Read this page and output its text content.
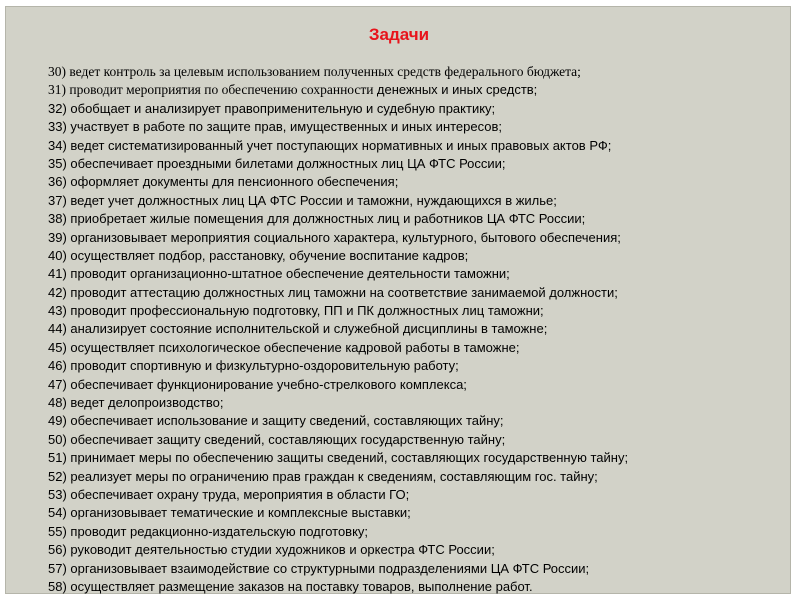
Задачи
30) ведет контроль за целевым использованием полученных средств федерального бюджета;
31) проводит мероприятия по обеспечению сохранности денежных и иных средств;
32) обобщает и анализирует правоприменительную и судебную практику;
33) участвует в работе по защите прав, имущественных и иных интересов;
34) ведет систематизированный учет поступающих нормативных и иных правовых актов РФ;
35) обеспечивает проездными билетами должностных лиц ЦА ФТС России;
36) оформляет документы для пенсионного обеспечения;
37) ведет учет должностных лиц ЦА ФТС России и таможни, нуждающихся в жилье;
38) приобретает жилые помещения для должностных лиц и работников ЦА ФТС России;
39) организовывает мероприятия социального характера, культурного, бытового обеспечения;
40) осуществляет подбор, расстановку, обучение воспитание кадров;
41) проводит организационно-штатное обеспечение деятельности таможни;
42) проводит аттестацию должностных лиц таможни на соответствие занимаемой должности;
43) проводит профессиональную подготовку, ПП и ПК должностных лиц таможни;
44) анализирует состояние исполнительской и служебной дисциплины в таможне;
45) осуществляет психологическое обеспечение кадровой работы в таможне;
46) проводит спортивную и физкультурно-оздоровительную работу;
47) обеспечивает функционирование учебно-стрелкового комплекса;
48) ведет делопроизводство;
49) обеспечивает использование и защиту сведений, составляющих тайну;
50) обеспечивает защиту сведений, составляющих государственную тайну;
51) принимает меры по обеспечению защиты сведений, составляющих государственную тайну;
52) реализует меры по ограничению прав граждан к сведениям, составляющим гос. тайну;
53) обеспечивает охрану труда, мероприятия в области ГО;
54) организовывает тематические и комплексные выставки;
55) проводит редакционно-издательскую подготовку;
56) руководит деятельностью студии художников и оркестра ФТС России;
57) организовывает взаимодействие со структурными подразделениями ЦА ФТС России;
58) осуществляет размещение заказов на поставку товаров, выполнение работ.
